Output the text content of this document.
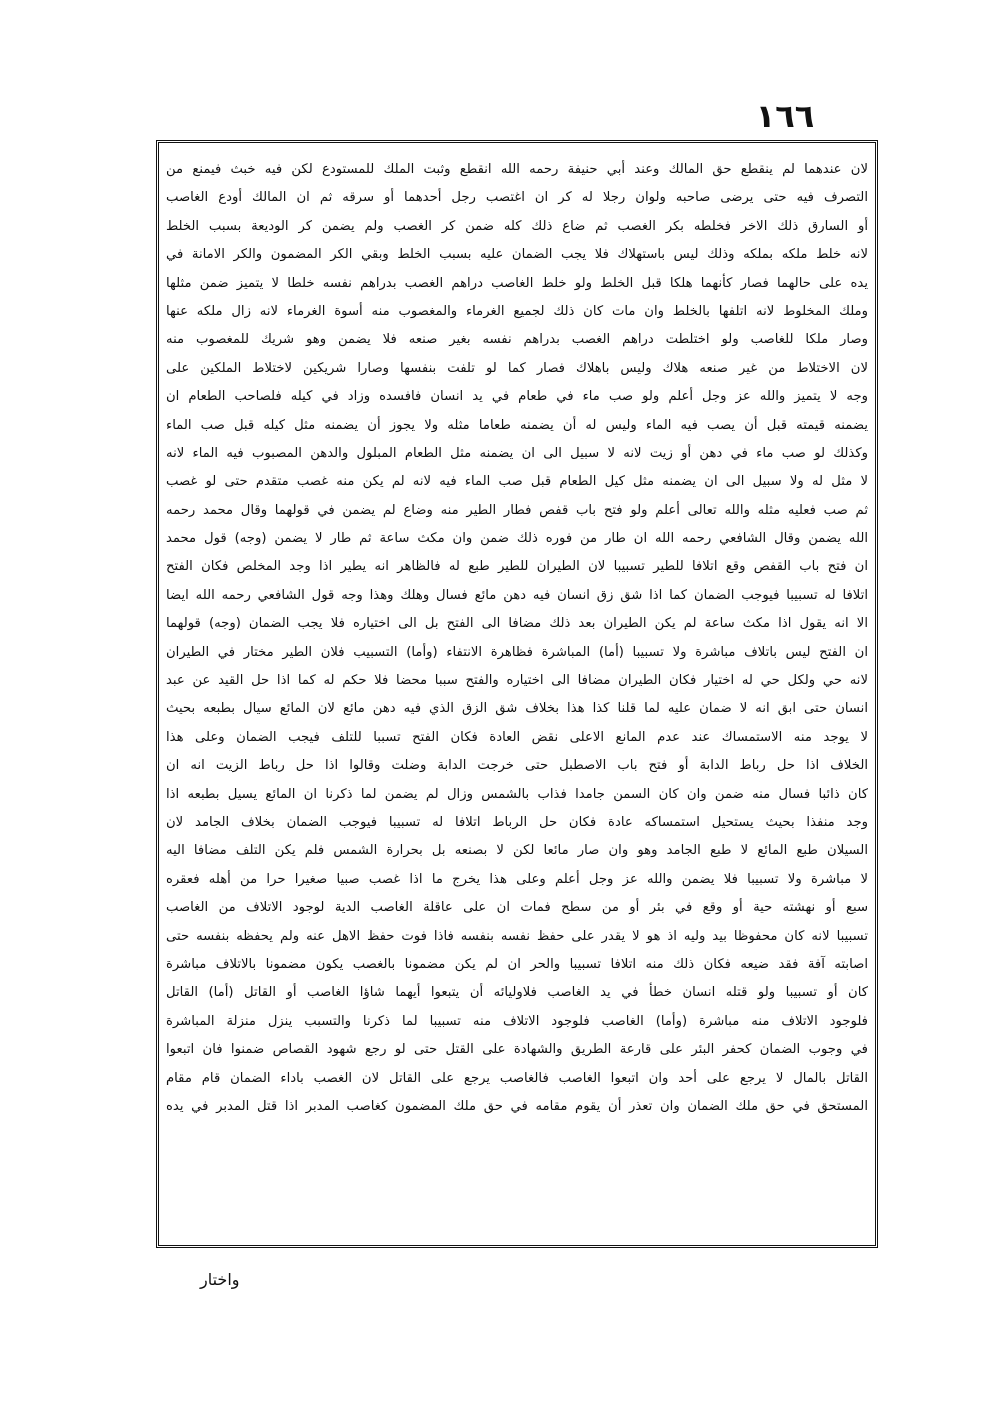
١٦٦
لان عندهما لم ينقطع حق المالك وعند أبي حنيفة رحمه الله انقطع وثبت الملك للمستودع لكن فيه خبث فيمنع من
التصرف فيه حتى يرضى صاحبه ولوان رجلا له كر ان اغتصب رجل أحدهما أو سرقه ثم ان المالك أودع الغاصب
أو السارق ذلك الاخر فخلطه بكر الغصب ثم ضاع ذلك كله ضمن كر الغصب ولم يضمن كر الوديعة بسبب الخلط
لانه خلط ملكه بملكه وذلك ليس باستهلاك فلا يجب الضمان عليه بسبب الخلط وبقي الكر المضمون والكر الامانة في
يده على حالهما فصار كأنهما هلكا قبل الخلط ولو خلط الغاصب دراهم الغصب بدراهم نفسه خلطا لا يتميز ضمن مثلها
وملك المخلوط لانه اتلفها بالخلط وان مات كان ذلك لجميع الغرماء والمغصوب منه أسوة الغرماء لانه زال ملكه عنها
وصار ملكا للغاصب ولو اختلطت دراهم الغصب بدراهم نفسه بغير صنعه فلا يضمن وهو شريك للمغصوب منه
لان الاختلاط من غير صنعه هلاك وليس باهلاك فصار كما لو تلفت بنفسها وصارا شريكين لاختلاط الملكين على
وجه لا يتميز والله عز وجل أعلم ولو صب ماء في طعام في يد انسان فافسده وزاد في كيله فلصاحب الطعام ان
يضمنه قيمته قبل أن يصب فيه الماء وليس له أن يضمنه طعاما مثله ولا يجوز أن يضمنه مثل كيله قبل صب الماء
وكذلك لو صب ماء في دهن أو زيت لانه لا سبيل الى ان يضمنه مثل الطعام المبلول والدهن المصبوب فيه الماء لانه
لا مثل له ولا سبيل الى ان يضمنه مثل كيل الطعام قبل صب الماء فيه لانه لم يكن منه غصب متقدم حتى لو غصب
ثم صب فعليه مثله والله تعالى أعلم ولو فتح باب قفص فطار الطير منه وضاع لم يضمن في قولهما وقال محمد رحمه
الله يضمن وقال الشافعي رحمه الله ان طار من فوره ذلك ضمن وان مكث ساعة ثم طار لا يضمن (وجه) قول محمد
ان فتح باب القفص وقع اتلافا للطير تسبيبا لان الطيران للطير طبع له فالظاهر انه يطير اذا وجد المخلص فكان الفتح
اتلافا له تسبيبا فيوجب الضمان كما اذا شق زق انسان فيه دهن مائع فسال وهلك وهذا وجه قول الشافعي رحمه الله ايضا
الا انه يقول اذا مكث ساعة لم يكن الطيران بعد ذلك مضافا الى الفتح بل الى اختياره فلا يجب الضمان (وجه) قولهما
ان الفتح ليس باتلاف مباشرة ولا تسبيبا (أما) المباشرة فظاهرة الانتفاء (وأما) التسبيب فلان الطير مختار في الطيران
لانه حي ولكل حي له اختيار فكان الطيران مضافا الى اختياره والفتح سببا محضا فلا حكم له كما اذا حل القيد عن عبد
انسان حتى ابق انه لا ضمان عليه لما قلنا كذا هذا بخلاف شق الزق الذي فيه دهن مائع لان المائع سيال بطبعه بحيث
لا يوجد منه الاستمساك عند عدم المانع الاعلى نقض العادة فكان الفتح تسببا للتلف فيجب الضمان وعلى هذا
الخلاف اذا حل رباط الدابة أو فتح باب الاصطبل حتى خرجت الدابة وضلت وقالوا اذا حل رباط الزيت انه ان
كان ذائبا فسال منه ضمن وان كان السمن جامدا فذاب بالشمس وزال لم يضمن لما ذكرنا ان المائع يسيل بطبعه اذا
وجد منفذا بحيث يستحيل استمساكه عادة فكان حل الرباط اتلافا له تسبيبا فيوجب الضمان بخلاف الجامد لان
السيلان طبع المائع لا طبع الجامد وهو وان صار مائعا لكن لا بصنعه بل بحرارة الشمس فلم يكن التلف مضافا اليه
لا مباشرة ولا تسبيبا فلا يضمن والله عز وجل أعلم وعلى هذا يخرج ما اذا غصب صبيا صغيرا حرا من أهله فعقره
سبع أو نهشته حية أو وقع في بئر أو من سطح فمات ان على عاقلة الغاصب الدية لوجود الاتلاف من الغاصب
تسبيبا لانه كان محفوظا بيد وليه اذ هو لا يقدر على حفظ نفسه بنفسه فاذا فوت حفظ الاهل عنه ولم يحفظه بنفسه حتى
اصابته آفة فقد ضيعه فكان ذلك منه اتلافا تسبيبا والحر ان لم يكن مضمونا بالغصب يكون مضمونا بالاتلاف مباشرة
كان أو تسبيبا ولو قتله انسان خطأ في يد الغاصب فلاوليائه أن يتبعوا أيهما شاؤا الغاصب أو القاتل (أما) القاتل
فلوجود الاتلاف منه مباشرة (وأما) الغاصب فلوجود الاتلاف منه تسبيبا لما ذكرنا والتسبب ينزل منزلة المباشرة
في وجوب الضمان كحفر البئر على قارعة الطريق والشهادة على القتل حتى لو رجع شهود القصاص ضمنوا فان اتبعوا
القاتل بالمال لا يرجع على أحد وان اتبعوا الغاصب فالغاصب يرجع على القاتل لان الغصب باداء الضمان قام مقام
المستحق في حق ملك الضمان وان تعذر أن يقوم مقامه في حق ملك المضمون كغاصب المدبر اذا قتل المدبر في يده
واختار
